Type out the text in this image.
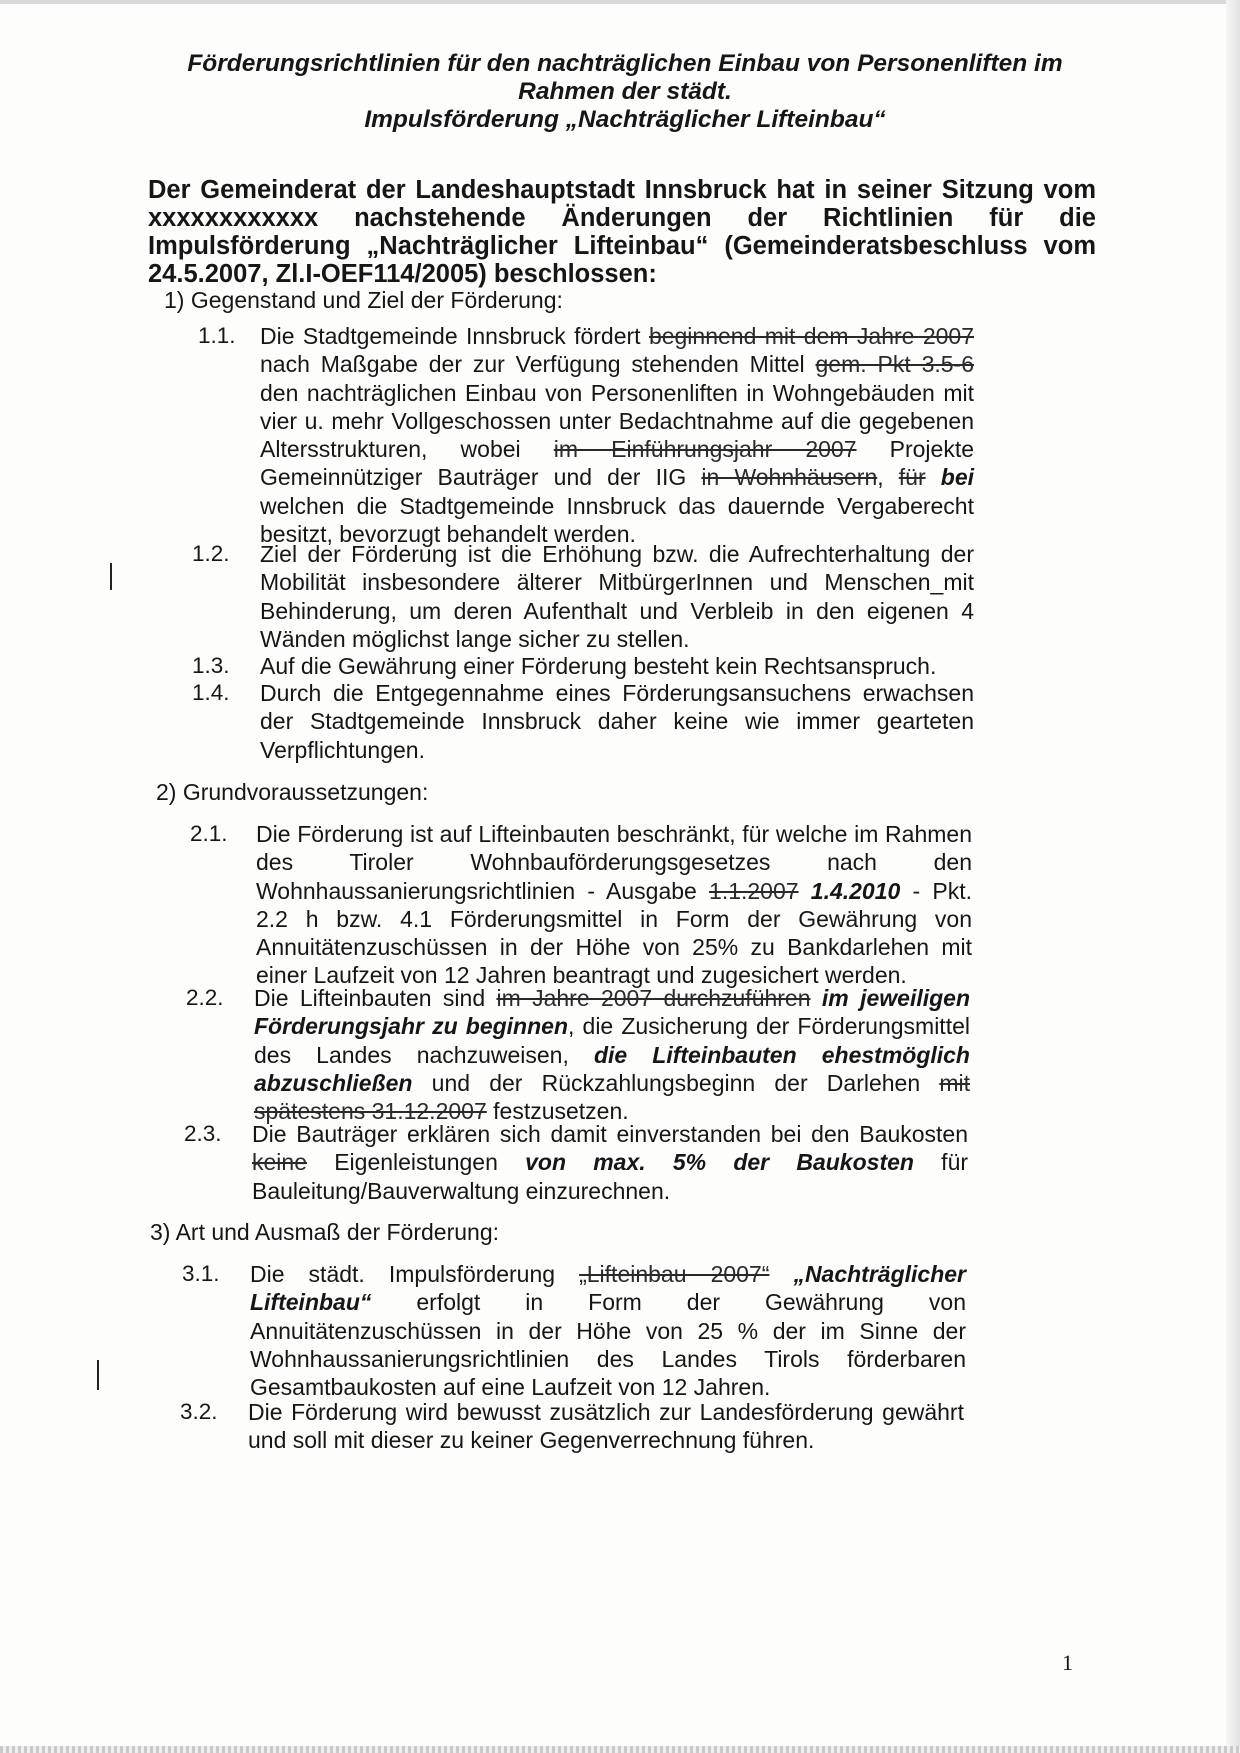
Förderungsrichtlinien für den nachträglichen Einbau von Personenliften im Rahmen der städt.
Impulsförderung „Nachträglicher Lifteinbau“
Der Gemeinderat der Landeshauptstadt Innsbruck hat in seiner Sitzung vom xxxxxxxxxxxx nachstehende Änderungen der Richtlinien für die Impulsförderung „Nachträglicher Lifteinbau“ (Gemeinderatsbeschluss vom 24.5.2007, Zl.I-OEF114/2005) beschlossen:
1) Gegenstand und Ziel der Förderung:
1.1. Die Stadtgemeinde Innsbruck fördert beginnend mit dem Jahre 2007 nach Maßgabe der zur Verfügung stehenden Mittel gem. Pkt 3.5-6 den nachträglichen Einbau von Personenliften in Wohngebäuden mit vier u. mehr Vollgeschossen unter Bedachtnahme auf die gegebenen Altersstrukturen, wobei im Einführungsjahr 2007 Projekte Gemeinnütziger Bauträger und der IIG in Wohnhäusern, für bei welchen die Stadtgemeinde Innsbruck das dauernde Vergaberecht besitzt, bevorzugt behandelt werden.
1.2. Ziel der Förderung ist die Erhöhung bzw. die Aufrechterhaltung der Mobilität insbesondere älterer MitbürgerInnen und Menschen_mit Behinderung, um deren Aufenthalt und Verbleib in den eigenen 4 Wänden möglichst lange sicher zu stellen.
1.3. Auf die Gewährung einer Förderung besteht kein Rechtsanspruch.
1.4. Durch die Entgegennahme eines Förderungsansuchens erwachsen der Stadtgemeinde Innsbruck daher keine wie immer gearteten Verpflichtungen.
2) Grundvoraussetzungen:
2.1. Die Förderung ist auf Lifteinbauten beschränkt, für welche im Rahmen des Tiroler Wohnbauförderungsgesetzes nach den Wohnhaussanierungsrichtlinien - Ausgabe 1.1.2007 1.4.2010 - Pkt. 2.2 h bzw. 4.1 Förderungsmittel in Form der Gewährung von Annuitätenzuschüssen in der Höhe von 25% zu Bankdarlehen mit einer Laufzeit von 12 Jahren beantragt und zugesichert werden.
2.2. Die Lifteinbauten sind im Jahre 2007 durchzuführen im jeweiligen Förderungsjahr zu beginnen, die Zusicherung der Förderungsmittel des Landes nachzuweisen, die Lifteinbauten ehestmöglich abzuschließen und der Rückzahlungsbeginn der Darlehen mit spätestens 31.12.2007 festzusetzen.
2.3. Die Bauträger erklären sich damit einverstanden bei den Baukosten keine Eigenleistungen von max. 5% der Baukosten für Bauleitung/Bauverwaltung einzurechnen.
3) Art und Ausmaß der Förderung:
3.1. Die städt. Impulsförderung „Lifteinbau 2007“ „Nachträglicher Lifteinbau“ erfolgt in Form der Gewährung von Annuitätenzuschüssen in der Höhe von 25 % der im Sinne der Wohnhaussanierungsrichtlinien des Landes Tirols förderbaren Gesamtbaukosten auf eine Laufzeit von 12 Jahren.
3.2. Die Förderung wird bewusst zusätzlich zur Landesförderung gewährt und soll mit dieser zu keiner Gegenverrechnung führen.
1
